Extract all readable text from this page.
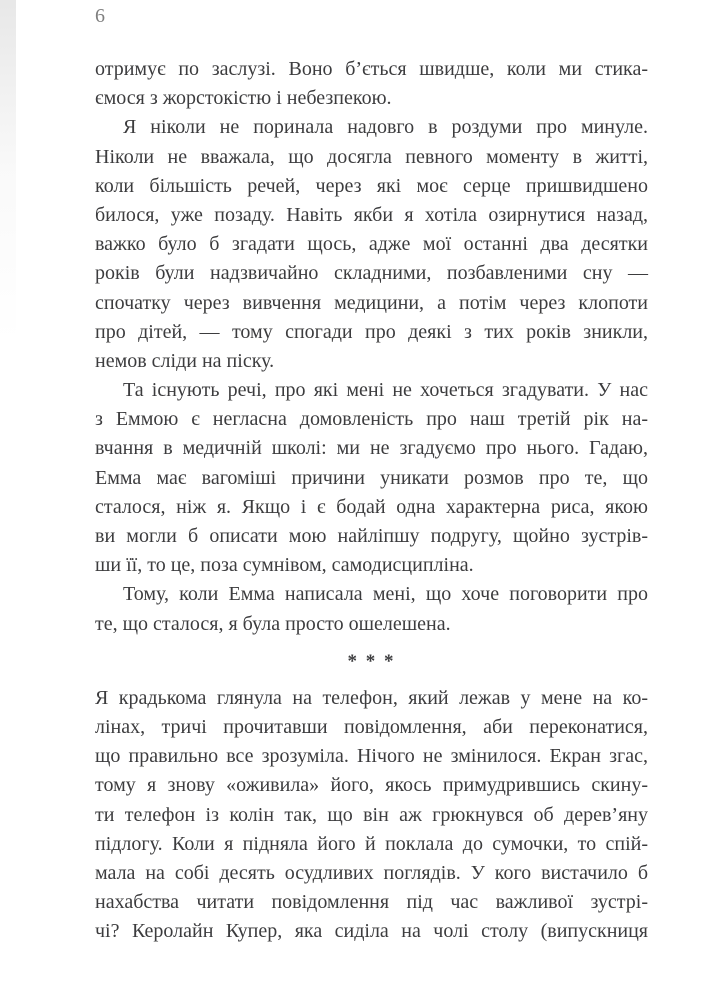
6
отримує по заслузі. Воно б’ється швидше, коли ми стика-
ємося з жорстокістю і небезпекою.
Я ніколи не поринала надовго в роздуми про минуле.
Ніколи не вважала, що досягла певного моменту в житті,
коли більшість речей, через які моє серце пришвидшено
билося, уже позаду. Навіть якби я хотіла озирнутися назад,
важко було б згадати щось, адже мої останні два десятки
років були надзвичайно складними, позбавленими сну —
спочатку через вивчення медицини, а потім через клопоти
про дітей, — тому спогади про деякі з тих років зникли,
немов сліди на піску.
Та існують речі, про які мені не хочеться згадувати. У нас
з Еммою є негласна домовленість про наш третій рік на-
вчання в медичній школі: ми не згадуємо про нього. Гадаю,
Емма має вагоміші причини уникати розмов про те, що
сталося, ніж я. Якщо і є бодай одна характерна риса, якою
ви могли б описати мою найліпшу подругу, щойно зустрів-
ши її, то це, поза сумнівом, самодисципліна.
Тому, коли Емма написала мені, що хоче поговорити про
те, що сталося, я була просто ошелешена.
* * *
Я крадькома глянула на телефон, який лежав у мене на ко-
лінах, тричі прочитавши повідомлення, аби переконатися,
що правильно все зрозуміла. Нічого не змінилося. Екран згас,
тому я знову «оживила» його, якось примудрившись скину-
ти телефон із колін так, що він аж грюкнувся об дерев’яну
підлогу. Коли я підняла його й поклала до сумочки, то спій-
мала на собі десять осудливих поглядів. У кого вистачило б
нахабства читати повідомлення під час важливої зустрі-
чі? Керолайн Купер, яка сиділа на чолі столу (випускниця
